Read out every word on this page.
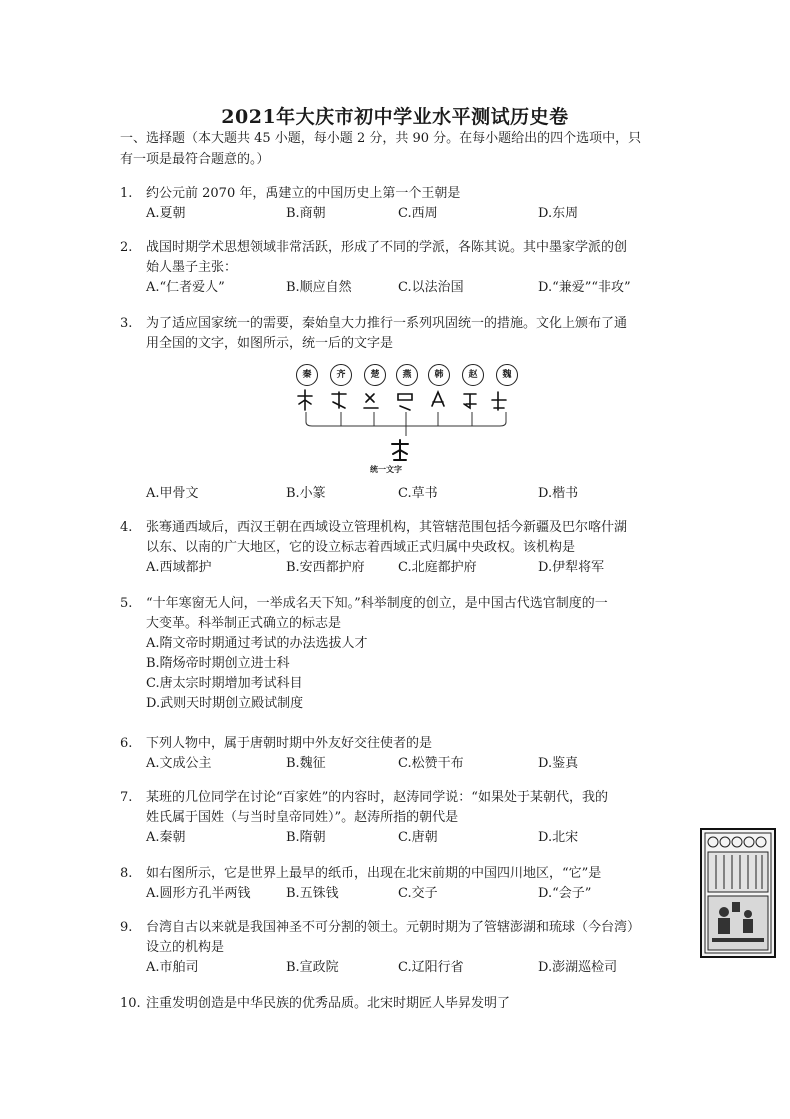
2021年大庆市初中学业水平测试历史卷
一、选择题（本大题共 45 小题，每小题 2 分，共 90 分。在每小题给出的四个选项中，只
有一项是最符合题意的。）
1.	约公元前 2070 年，禹建立的中国历史上第一个王朝是
A.夏朝	B.商朝	C.西周	D.东周
2.	战国时期学术思想领域非常活跃，形成了不同的学派，各陈其说。其中墨家学派的创
始人墨子主张：
A.“仁者爱人”	B.顺应自然	C.以法治国	D.“兼爱”“非攻”
3.	为了适应国家统一的需要，秦始皇大力推行一系列巩固统一的措施。文化上颁布了通
用全国的文字，如图所示，统一后的文字是
秦	齐	楚	燕	韩	赵	魏
统一文字
A.甲骨文	B.小篆	C.草书	D.楷书
4.	张骞通西域后，西汉王朝在西域设立管理机构，其管辖范围包括今新疆及巴尔喀什湖
以东、以南的广大地区，它的设立标志着西域正式归属中央政权。该机构是
A.西域都护	B.安西都护府	C.北庭都护府	D.伊犁将军
5.	“十年寒窗无人问，一举成名天下知。”科举制度的创立，是中国古代选官制度的一
大变革。科举制正式确立的标志是
A.隋文帝时期通过考试的办法选拔人才
B.隋炀帝时期创立进士科
C.唐太宗时期增加考试科目
D.武则天时期创立殿试制度
6.	下列人物中，属于唐朝时期中外友好交往使者的是
A.文成公主	B.魏征	C.松赞干布	D.鉴真
7.	某班的几位同学在讨论“百家姓”的内容时，赵涛同学说：“如果处于某朝代，我的
姓氏属于国姓（与当时皇帝同姓）”。赵涛所指的朝代是
A.秦朝	B.隋朝	C.唐朝	D.北宋
8.	如右图所示，它是世界上最早的纸币，出现在北宋前期的中国四川地区，“它”是
A.圆形方孔半两钱	B.五铢钱	C.交子	D.“会子”
9.	台湾自古以来就是我国神圣不可分割的领土。元朝时期为了管辖澎湖和琉球（今台湾）
设立的机构是
A.市舶司	B.宣政院	C.辽阳行省	D.澎湖巡检司
10. 注重发明创造是中华民族的优秀品质。北宋时期匠人毕昇发明了
